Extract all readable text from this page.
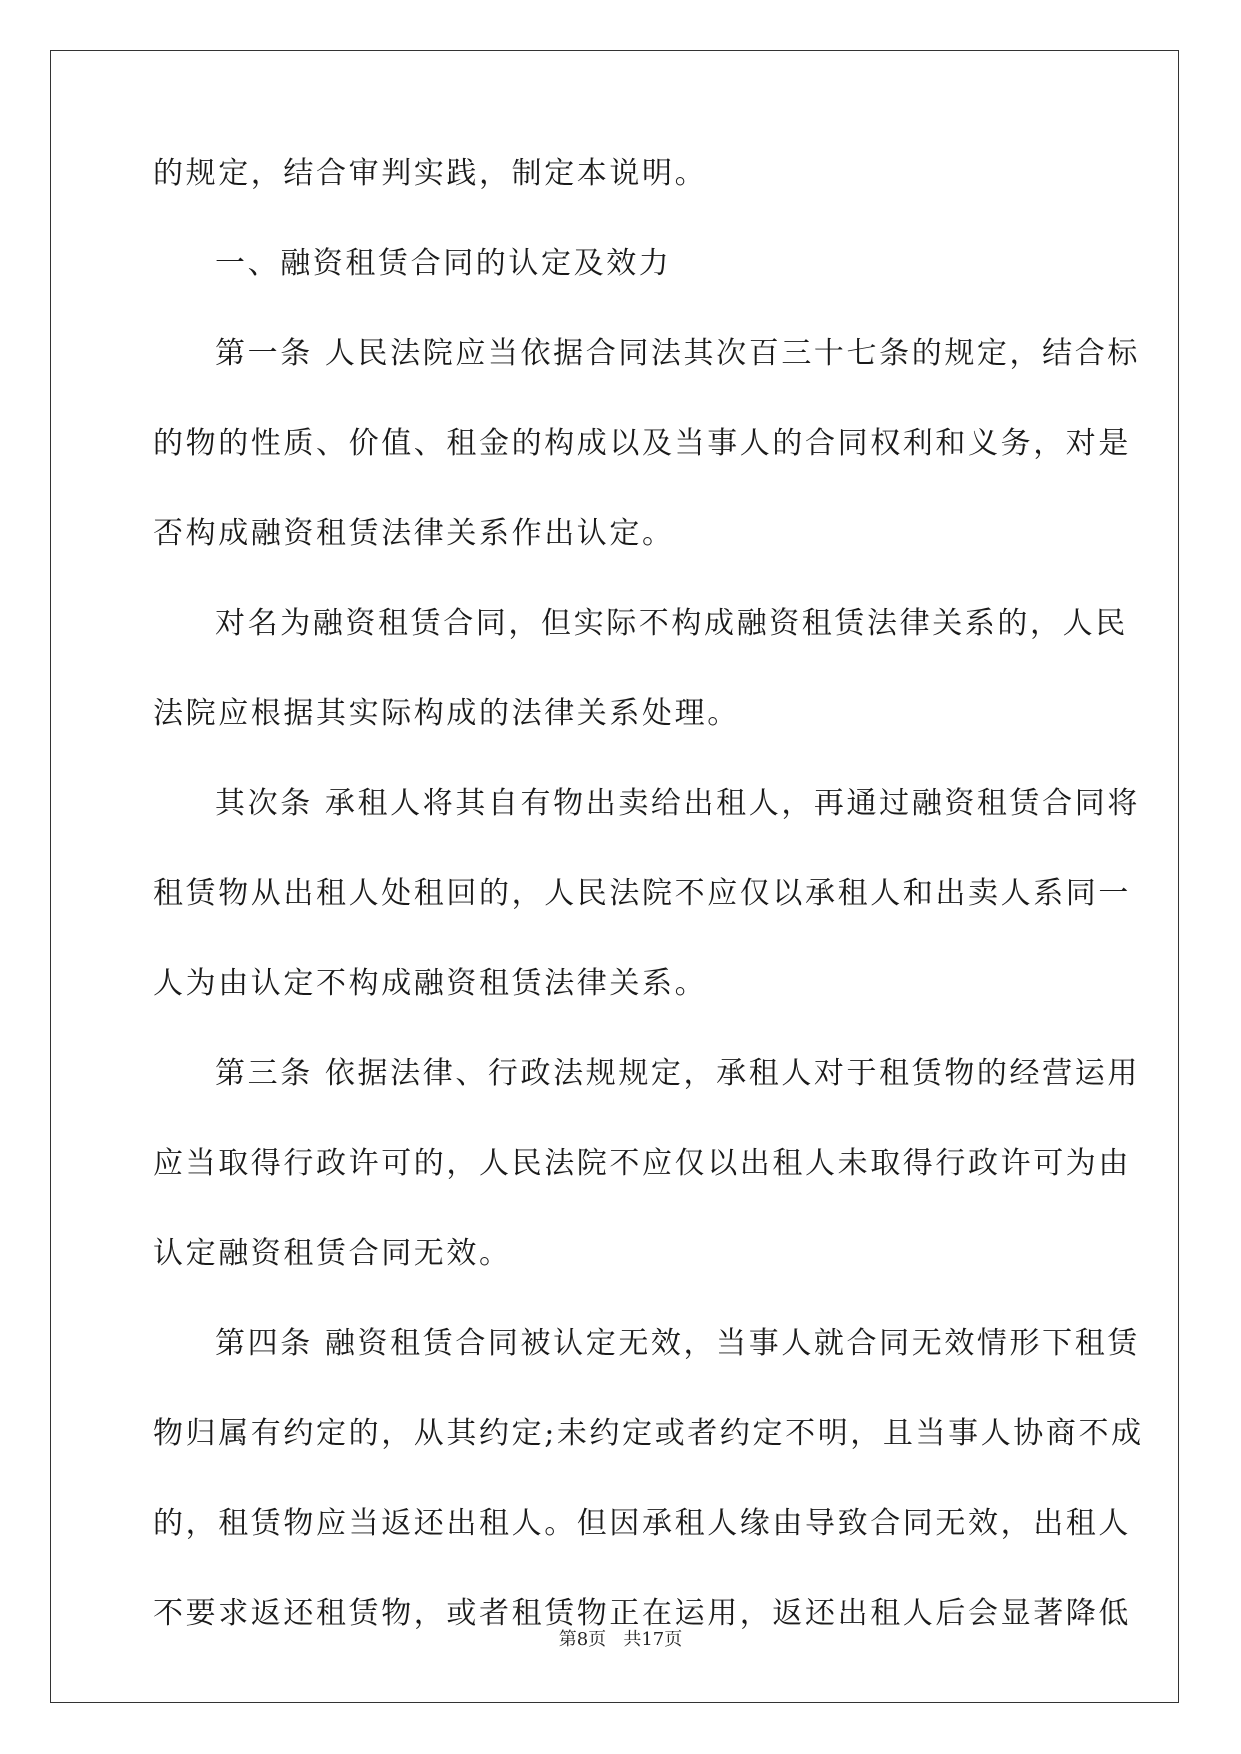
的规定，结合审判实践，制定本说明。
一、融资租赁合同的认定及效力
第一条 人民法院应当依据合同法其次百三十七条的规定，结合标
的物的性质、价值、租金的构成以及当事人的合同权利和义务，对是
否构成融资租赁法律关系作出认定。
对名为融资租赁合同，但实际不构成融资租赁法律关系的，人民
法院应根据其实际构成的法律关系处理。
其次条 承租人将其自有物出卖给出租人，再通过融资租赁合同将
租赁物从出租人处租回的，人民法院不应仅以承租人和出卖人系同一
人为由认定不构成融资租赁法律关系。
第三条 依据法律、行政法规规定，承租人对于租赁物的经营运用
应当取得行政许可的，人民法院不应仅以出租人未取得行政许可为由
认定融资租赁合同无效。
第四条 融资租赁合同被认定无效，当事人就合同无效情形下租赁
物归属有约定的，从其约定;未约定或者约定不明，且当事人协商不成
的，租赁物应当返还出租人。但因承租人缘由导致合同无效，出租人
不要求返还租赁物，或者租赁物正在运用，返还出租人后会显著降低
第8页   共17页
